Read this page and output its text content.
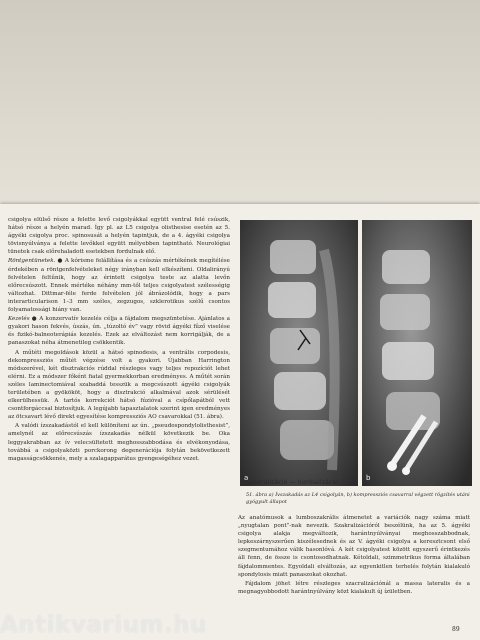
csigolya elülső része a felette levő csigolyákkal együtt ventral felé csúszik, hátsó része a helyén marad. Így pl. az L5 csigolya olisthesise esetén az 5. ágyéki csigolya proc. spinosusát a helyén tapintjuk, de a 4. ágyéki csigolya tövisnyúlványa a felette levőkkel együtt mélyebben tapintható. Neurológiai tünetek csak előrehaladott esetekben fordulnak elő.

Röntgentünetek. ● A kórisme felállítása és a csúszás mértékének megítélése érdekében a röntgenfelvételeket négy irányban kell elkészíteni. Oldalirányú felvételen feltűnik, hogy az érintett csigolya teste az alatta levőn előrecsúszott. Ennek mértéke néhány mm-től teljes csigolyatest szélességig változhat. Dittmar-féle ferde felvételen jól ábrázolódik, hogy a pars interarticularison 1–3 mm széles, zegzugos, szklerotikus szélű csontos folyamatossági hiány van.

Kezelés ● A konzervatív kezelés célja a fájdalom megszüntetése. Ajánlatos a gyakori hason fekvés, úszás, ún. „túzoltó év” vagy rövid ágyéki fűző viselése és fizikó-balneoterápiás kezelés. Ezek az elváltozást nem korrigálják, de a panaszokat néha átmenetileg csökkentik.

A műtéti megoldások közül a hátsó spinodesis, a ventrális corpodesis, dekompressziós műtét végzése volt a gyakori. Újabban Harrington módszerével, két disztrakciós rúddal részleges vagy teljes repozíciót lehet elérni. Ez a módszer főként fiatal gyermekkorban eredményes. A műtét során széles laminectomiával szabaddá tesszük a megcsúszott ágyéki csigolyák területében a gyökököt, hogy a disztrakció alkalmával azok sérülését elkerülhessük. A tartós korrekciót hátsó fúzióval a csípőlapátból vett csontforgáccsal biztosítjuk. A legújabb tapasztalatok szerint igen eredményes az ötcsavart lévő direkt egyesítése kompressziós AO csavarokkal (51. ábra).

A valódi ízszakadástól el kell különíteni az ún. „pseudospondylolisthesist”, amelynél az előrecsúszás ízszakadás nélkül következik be. Oka leggyakrabban az ív velecsültetett meghosszabbodása és elvékonyodása, továbbá a csigolyaközti porckorong degenerációja folytán bekövetkezett magasságcsökkenés, mely a szalagapparátus gyengeségéhez vezet.

a	b
51. ábra a) Ívszakadás az L4 csigolyán, b) kompressziós csavarral végzett rögzítés utáni gyógyult állapot
Szakralizáció — lumbalizáció

Az anatómusok a lumboszakrális átmenetet a variációk nagy száma miatt „nyugtalan pont”-nak nevezik. Szakralizációról beszélünk, ha az 5. ágyéki csigolya alakja megváltozik, harántnyúlványai meghosszabbodnak, lepkeszárnyszerűen kiszélesednek és az V. ágyéki csigolya a keresztcsont első szegmentumához válik hasonlóvá. A két csigolyatest között egyszerű érintkezés áll fenn, de össze is csontosodhatnak. Kétoldali, szimmetrikus forma általában fájdalommentes. Egyoldali elváltozás, az egyenkitlen terhelés folytán kialakuló spondylosis miatt panaszokat okozhat.

Fájdalom jöhet létre részleges szacralizációnál a massa lateralis és a megnagyobbodott harántnyúlvány közt kialakult új ízületben.

89
Antikvarium.hu
